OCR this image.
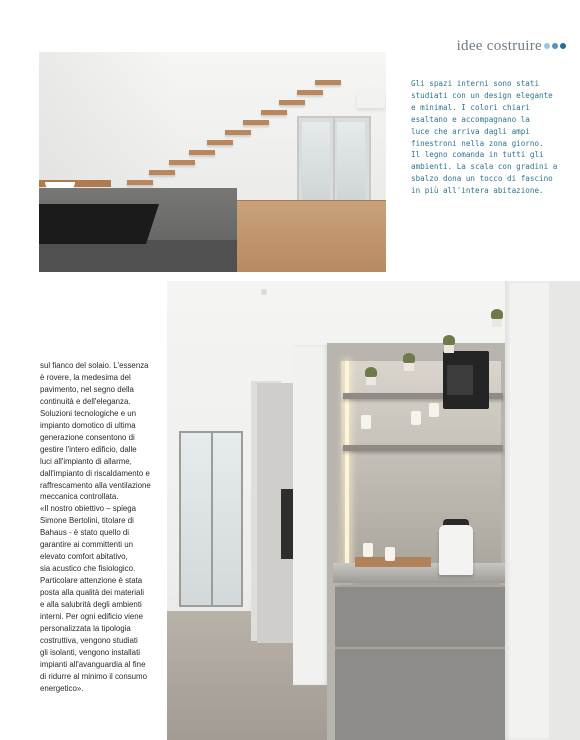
idee costruire

Gli spazi interni sono stati

studiati con un design elegante

e minimal. I colori chiari

esaltano e accompagnano la

luce che arriva dagli ampi

finestroni nella zona giorno.

Il legno comanda in tutti gli

ambienti. La scala con gradini a

sbalzo dona un tocco di fascino

in più all'intera abitazione.

sul fianco del solaio. L'essenza

è rovere, la medesima del

pavimento, nel segno della

continuità e dell'eleganza.

Soluzioni tecnologiche e un

impianto domotico di ultima

generazione consentono di

gestire l'intero edificio, dalle

luci all'impianto di allarme,

dall'impianto di riscaldamento e

raffrescamento alla ventilazione

meccanica controllata.

«Il nostro obiettivo – spiega

Simone Bertolini, titolare di

Bahaus - è stato quello di

garantire ai committenti un

elevato comfort abitativo,

sia acustico che fisiologico.

Particolare attenzione è stata

posta alla qualità dei materiali

e alla salubrità degli ambienti

interni. Per ogni edificio viene

personalizzata la tipologia

costruttiva, vengono studiati

gli isolanti, vengono installati

impianti all'avanguardia al fine

di ridurre al minimo il consumo

energetico».
